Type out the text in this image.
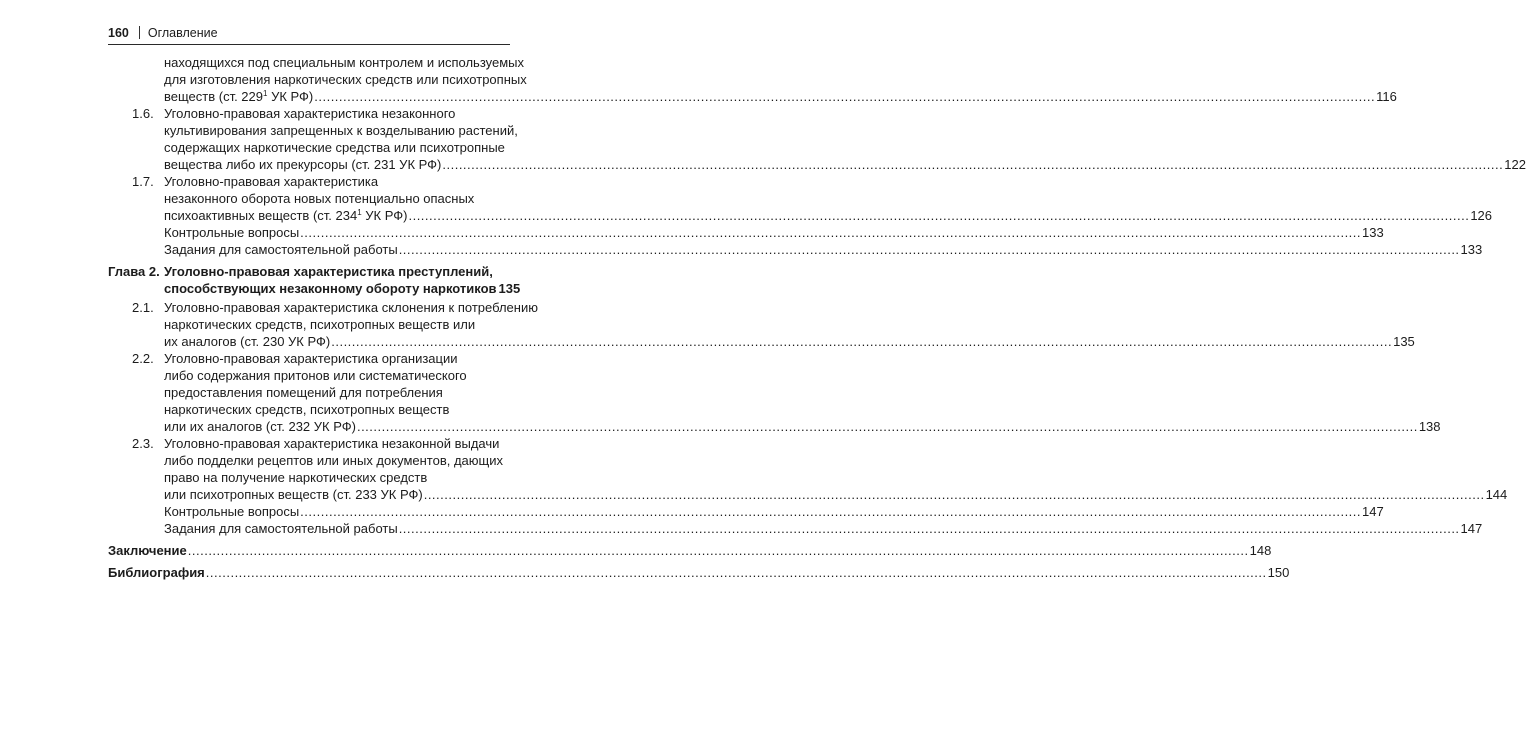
160 Оглавление
находящихся под специальным контролем и используемых
для изготовления наркотических средств или психотропных
веществ (ст. $229^1$ УК РФ) .....	116
1.6. Уголовно-правовая характеристика незаконного
культивирования запрещенных к возделыванию растений,
содержащих наркотические средства или психотропные
вещества либо их прекурсоры (ст. 231 УК РФ) .....	122
1.7. Уголовно-правовая характеристика
незаконного оборота новых потенциально опасных
психоактивных веществ (ст. $234^1$ УК РФ) .....	126
Контрольные вопросы .....	133
Задания для самостоятельной работы .....	133
Глава 2. Уголовно-правовая характеристика преступлений,
способствующих незаконному обороту наркотиков 135
2.1. Уголовно-правовая характеристика склонения к потреблению
наркотических средств, психотропных веществ или
их аналогов (ст. 230 УК РФ) .....	135
2.2. Уголовно-правовая характеристика организации
либо содержания притонов или систематического
предоставления помещений для потребления
наркотических средств, психотропных веществ
или их аналогов (ст. 232 УК РФ) .....	138
2.3. Уголовно-правовая характеристика незаконной выдачи
либо подделки рецептов или иных документов, дающих
право на получение наркотических средств
или психотропных веществ (ст. 233 УК РФ) .....	144
Контрольные вопросы .....	147
Задания для самостоятельной работы .....	147
Заключение .....	148
Библиография .....	150
